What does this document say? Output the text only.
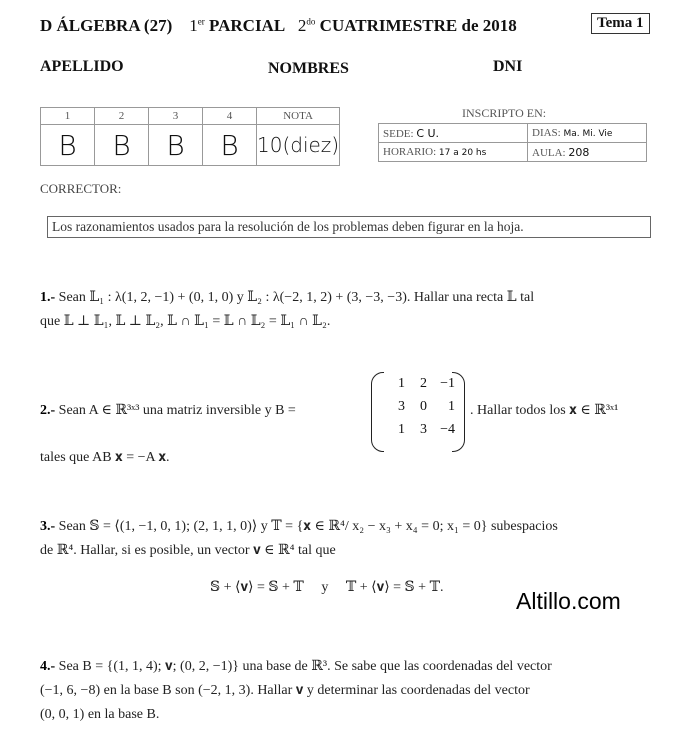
D ÁLGEBRA (27) 1er PARCIAL $2^{do}$ CUATRIMESTRE de 2018	Tema 1
APELLIDO	NOMBRES	DNI
1	2	3	4	NOTA
B	B	B	B	10(diez)
INSCRIPTO EN:
SEDE: C U.	DIAS: Ma. Mi. Vie
HORARIO: 17 a 20 hs	AULA: 208
CORRECTOR:
Los razonamientos usados para la resolución de los problemas deben figurar en la hoja.
1.- Sean 𝕃₁ : λ(1, 2, −1) + (0, 1, 0) y 𝕃₂ : λ(−2, 1, 2) + (3, −3, −3). Hallar una recta 𝕃 tal
que 𝕃 ⊥ 𝕃₁, 𝕃 ⊥ 𝕃₂, 𝕃 ∩ 𝕃₁ = 𝕃 ∩ 𝕃₂ = 𝕃₁ ∩ 𝕃₂.
2.- Sean A ∈ ℝ³ˣ³ una matriz inversible y B =
1	2 −1
3	0	1
1	3 −4
. Hallar todos los 𝐱 ∈ ℝ³ˣ¹
tales que AB 𝐱 = −A 𝐱.
3.- Sean 𝕊 = ⟨(1, −1, 0, 1); (2, 1, 1, 0)⟩ y 𝕋 = {𝐱 ∈ ℝ⁴/ x₂ − x₃ + x₄ = 0; x₁ = 0} subespacios
de ℝ⁴. Hallar, si es posible, un vector 𝐯 ∈ ℝ⁴ tal que
𝕊 + ⟨𝐯⟩ = 𝕊 + 𝕋     y     𝕋 + ⟨𝐯⟩ = 𝕊 + 𝕋.
Altillo.com
4.- Sea B = {(1, 1, 4); 𝐯; (0, 2, −1)} una base de ℝ³. Se sabe que las coordenadas del vector
(−1, 6, −8) en la base B son (−2, 1, 3). Hallar 𝐯 y determinar las coordenadas del vector
(0, 0, 1) en la base B.
